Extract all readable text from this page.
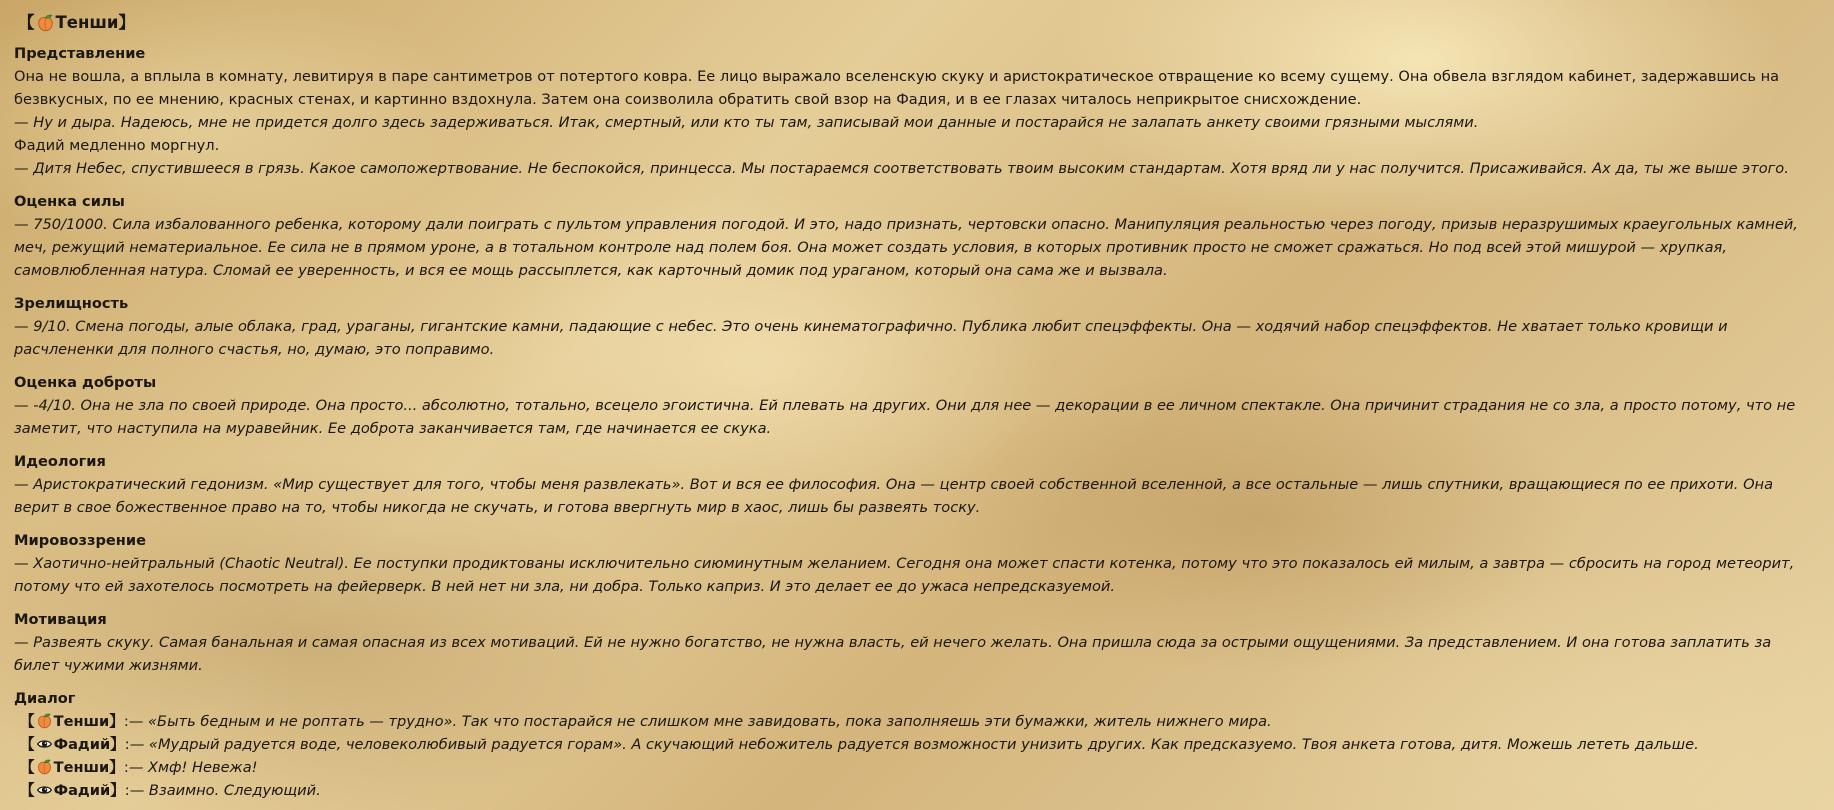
【 Тенши 】
Представление

Она не вошла, а вплыла в комнату, левитируя в паре сантиметров от потертого ковра. Ее лицо выражало вселенскую скуку и аристократическое отвращение ко всему сущему. Она обвела взглядом кабинет, задержавшись на безвкусных, по ее мнению, красных стенах, и картинно вздохнула. Затем она соизволила обратить свой взор на Фадия, и в ее глазах читалось неприкрытое снисхождение.

— Ну и дыра. Надеюсь, мне не придется долго здесь задерживаться. Итак, смертный, или кто ты там, записывай мои данные и постарайся не залапать анкету своими грязными мыслями.

Фадий медленно моргнул.

— Дитя Небес, спустившееся в грязь. Какое самопожертвование. Не беспокойся, принцесса. Мы постараемся соответствовать твоим высоким стандартам. Хотя вряд ли у нас получится. Присаживайся. Ах да, ты же выше этого.

Оценка силы

— 750/1000. Сила избалованного ребенка, которому дали поиграть с пультом управления погодой. И это, надо признать, чертовски опасно. Манипуляция реальностью через погоду, призыв неразрушимых краеугольных камней, меч, режущий нематериальное. Ее сила не в прямом уроне, а в тотальном контроле над полем боя. Она может создать условия, в которых противник просто не сможет сражаться. Но под всей этой мишурой — хрупкая, самовлюбленная натура. Сломай ее уверенность, и вся ее мощь рассыплется, как карточный домик под ураганом, который она сама же и вызвала.

Зрелищность

— 9/10. Смена погоды, алые облака, град, ураганы, гигантские камни, падающие с небес. Это очень кинематографично. Публика любит спецэффекты. Она — ходячий набор спецэффектов. Не хватает только кровищи и расчлененки для полного счастья, но, думаю, это поправимо.

Оценка доброты

— -4/10. Она не зла по своей природе. Она просто... абсолютно, тотально, всецело эгоистична. Ей плевать на других. Они для нее — декорации в ее личном спектакле. Она причинит страдания не со зла, а просто потому, что не заметит, что наступила на муравейник. Ее доброта заканчивается там, где начинается ее скука.

Идеология

— Аристократический гедонизм. «Мир существует для того, чтобы меня развлекать». Вот и вся ее философия. Она — центр своей собственной вселенной, а все остальные — лишь спутники, вращающиеся по ее прихоти. Она верит в свое божественное право на то, чтобы никогда не скучать, и готова ввергнуть мир в хаос, лишь бы развеять тоску.

Мировоззрение

— Хаотично-нейтральный (Chaotic Neutral). Ее поступки продиктованы исключительно сиюминутным желанием. Сегодня она может спасти котенка, потому что это показалось ей милым, а завтра — сбросить на город метеорит, потому что ей захотелось посмотреть на фейерверк. В ней нет ни зла, ни добра. Только каприз. И это делает ее до ужаса непредсказуемой.

Мотивация

— Развеять скуку. Самая банальная и самая опасная из всех мотиваций. Ей не нужно богатство, не нужна власть, ей нечего желать. Она пришла сюда за острыми ощущениями. За представлением. И она готова заплатить за билет чужими жизнями.

Диалог

【 Тенши】:— «Быть бедным и не роптать — трудно». Так что постарайся не слишком мне завидовать, пока заполняешь эти бумажки, житель нижнего мира.

【 Фадий】:— «Мудрый радуется воде, человеколюбивый радуется горам». А скучающий небожитель радуется возможности унизить других. Как предсказуемо. Твоя анкета готова, дитя. Можешь лететь дальше.

【 Тенши】:— Хмф! Невежа!

【 Фадий】:— Взаимно. Следующий.
